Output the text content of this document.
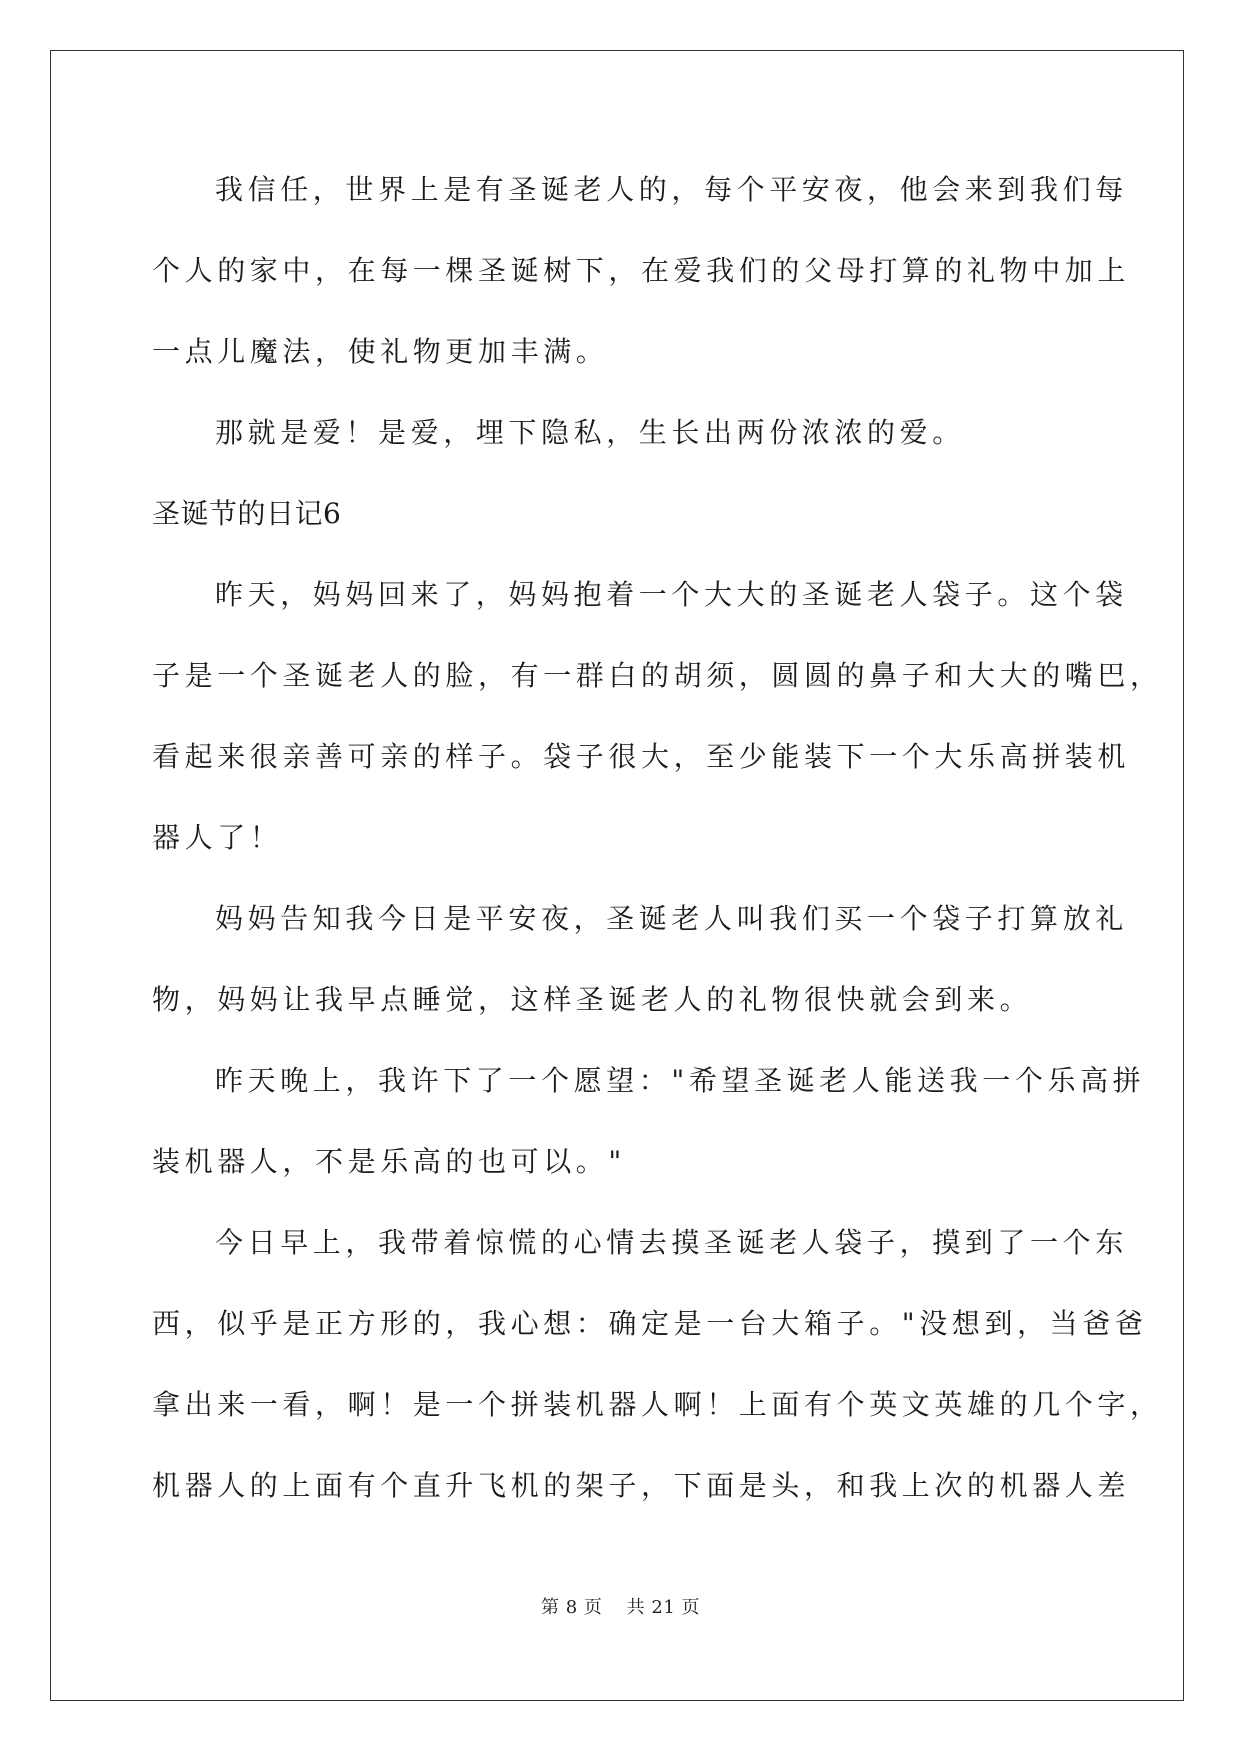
我信任，世界上是有圣诞老人的，每个平安夜，他会来到我们每
个人的家中，在每一棵圣诞树下，在爱我们的父母打算的礼物中加上
一点儿魔法，使礼物更加丰满。
那就是爱！是爱，埋下隐私，生长出两份浓浓的爱。
圣诞节的日记6
昨天，妈妈回来了，妈妈抱着一个大大的圣诞老人袋子。这个袋
子是一个圣诞老人的脸，有一群白的胡须，圆圆的鼻子和大大的嘴巴，
看起来很亲善可亲的样子。袋子很大，至少能装下一个大乐高拼装机
器人了！
妈妈告知我今日是平安夜，圣诞老人叫我们买一个袋子打算放礼
物，妈妈让我早点睡觉，这样圣诞老人的礼物很快就会到来。
昨天晚上，我许下了一个愿望："希望圣诞老人能送我一个乐高拼
装机器人，不是乐高的也可以。"
今日早上，我带着惊慌的心情去摸圣诞老人袋子，摸到了一个东
西，似乎是正方形的，我心想：确定是一台大箱子。"没想到，当爸爸
拿出来一看，啊！是一个拼装机器人啊！上面有个英文英雄的几个字，
机器人的上面有个直升飞机的架子，下面是头，和我上次的机器人差
第 8 页 共 21 页
